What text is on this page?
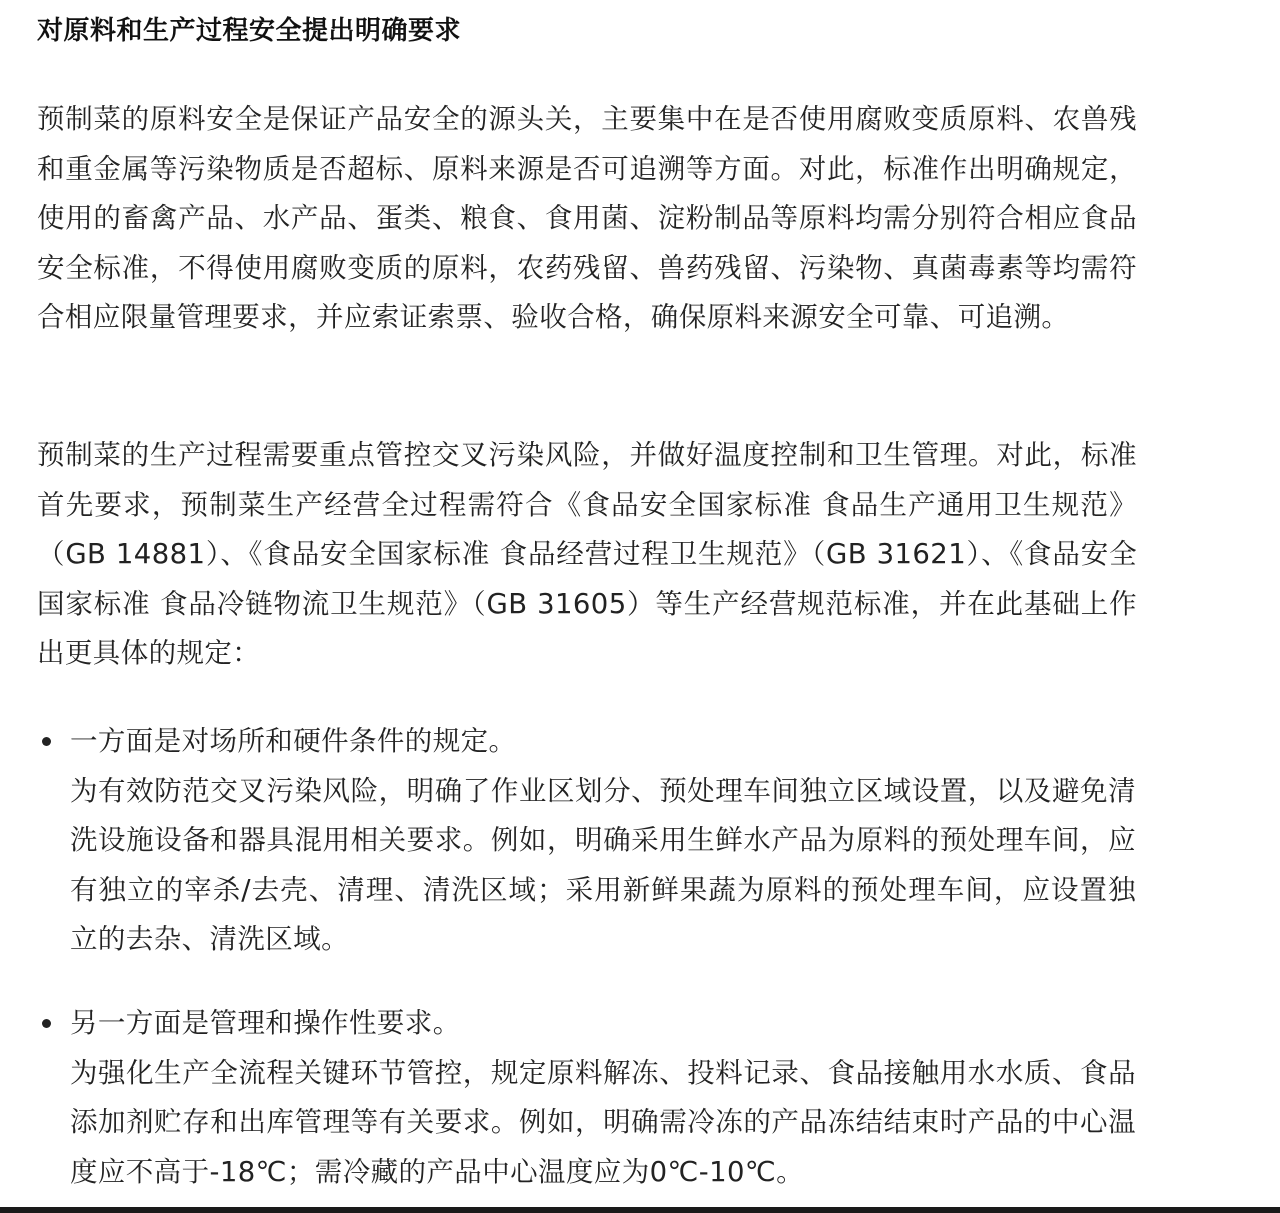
对原料和生产过程安全提出明确要求

预制菜的原料安全是保证产品安全的源头关，主要集中在是否使用腐败变质原料、农兽残和重金属等污染物质是否超标、原料来源是否可追溯等方面。对此，标准作出明确规定，使用的畜禽产品、水产品、蛋类、粮食、食用菌、淀粉制品等原料均需分别符合相应食品安全标准，不得使用腐败变质的原料，农药残留、兽药残留、污染物、真菌毒素等均需符合相应限量管理要求，并应索证索票、验收合格，确保原料来源安全可靠、可追溯。

预制菜的生产过程需要重点管控交叉污染风险，并做好温度控制和卫生管理。对此，标准首先要求，预制菜生产经营全过程需符合《食品安全国家标准 食品生产通用卫生规范》（GB 14881）、《食品安全国家标准 食品经营过程卫生规范》（GB 31621）、《食品安全国家标准 食品冷链物流卫生规范》（GB 31605）等生产经营规范标准，并在此基础上作出更具体的规定：

一方面是对场所和硬件条件的规定。
为有效防范交叉污染风险，明确了作业区划分、预处理车间独立区域设置，以及避免清洗设施设备和器具混用相关要求。例如，明确采用生鲜水产品为原料的预处理车间，应有独立的宰杀/去壳、清理、清洗区域；采用新鲜果蔬为原料的预处理车间，应设置独立的去杂、清洗区域。
另一方面是管理和操作性要求。
为强化生产全流程关键环节管控，规定原料解冻、投料记录、食品接触用水水质、食品添加剂贮存和出库管理等有关要求。例如，明确需冷冻的产品冻结结束时产品的中心温度应不高于-18℃；需冷藏的产品中心温度应为0℃-10℃。
